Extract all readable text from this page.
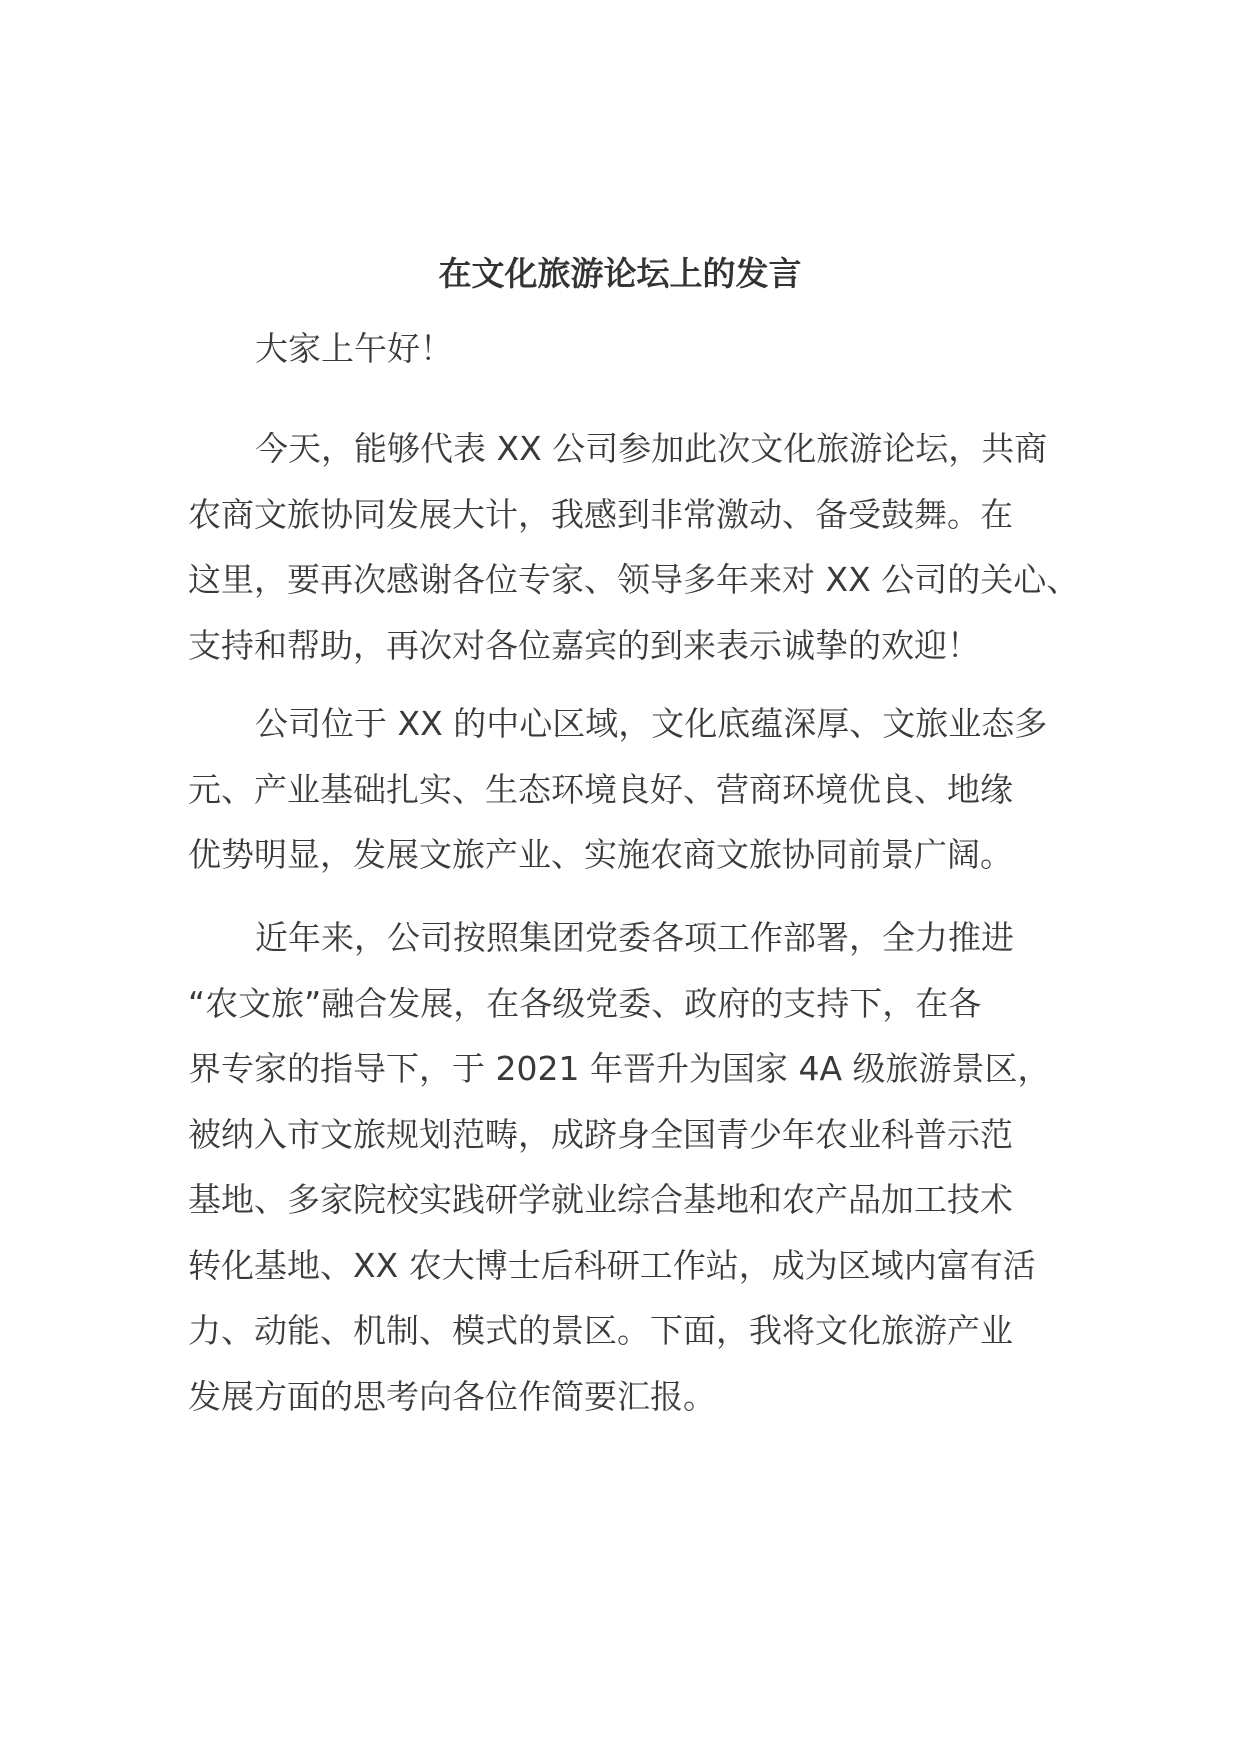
在文化旅游论坛上的发言
大家上午好！
今天，能够代表 XX 公司参加此次文化旅游论坛，共商
农商文旅协同发展大计，我感到非常激动、备受鼓舞。在
这里，要再次感谢各位专家、领导多年来对 XX 公司的关心、
支持和帮助，再次对各位嘉宾的到来表示诚挚的欢迎！
公司位于 XX 的中心区域，文化底蕴深厚、文旅业态多
元、产业基础扎实、生态环境良好、营商环境优良、地缘
优势明显，发展文旅产业、实施农商文旅协同前景广阔。
近年来，公司按照集团党委各项工作部署，全力推进
“农文旅”融合发展，在各级党委、政府的支持下，在各
界专家的指导下，于 2021 年晋升为国家 4A 级旅游景区，
被纳入市文旅规划范畴，成跻身全国青少年农业科普示范
基地、多家院校实践研学就业综合基地和农产品加工技术
转化基地、XX 农大博士后科研工作站，成为区域内富有活
力、动能、机制、模式的景区。下面，我将文化旅游产业
发展方面的思考向各位作简要汇报。
